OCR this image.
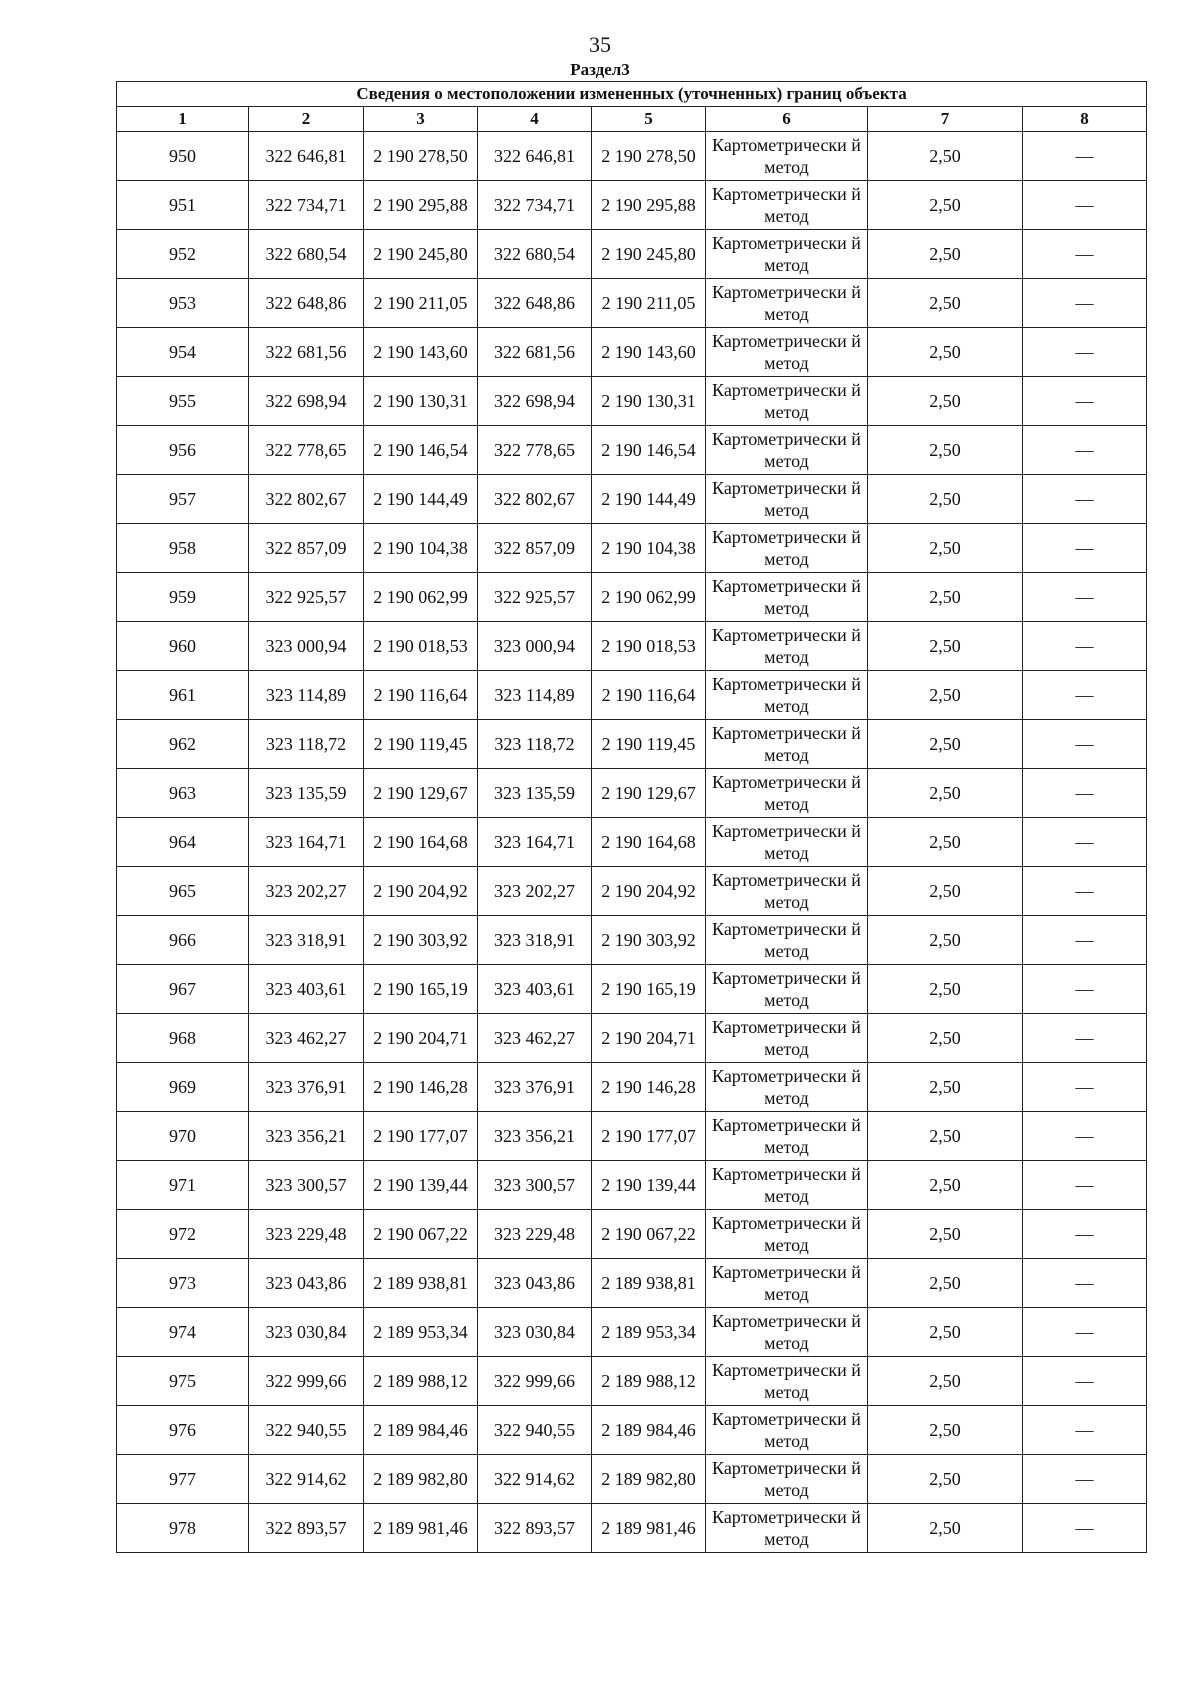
35
Раздел3
Сведения о местоположении измененных (уточненных) границ объекта							
1	2	3	4	5	6	7	8
950	322 646,81	2 190 278,50	322 646,81	2 190 278,50	Картометрически й метод	2,50	—
951	322 734,71	2 190 295,88	322 734,71	2 190 295,88	Картометрически й метод	2,50	—
952	322 680,54	2 190 245,80	322 680,54	2 190 245,80	Картометрически й метод	2,50	—
953	322 648,86	2 190 211,05	322 648,86	2 190 211,05	Картометрически й метод	2,50	—
954	322 681,56	2 190 143,60	322 681,56	2 190 143,60	Картометрически й метод	2,50	—
955	322 698,94	2 190 130,31	322 698,94	2 190 130,31	Картометрически й метод	2,50	—
956	322 778,65	2 190 146,54	322 778,65	2 190 146,54	Картометрически й метод	2,50	—
957	322 802,67	2 190 144,49	322 802,67	2 190 144,49	Картометрически й метод	2,50	—
958	322 857,09	2 190 104,38	322 857,09	2 190 104,38	Картометрически й метод	2,50	—
959	322 925,57	2 190 062,99	322 925,57	2 190 062,99	Картометрически й метод	2,50	—
960	323 000,94	2 190 018,53	323 000,94	2 190 018,53	Картометрически й метод	2,50	—
961	323 114,89	2 190 116,64	323 114,89	2 190 116,64	Картометрически й метод	2,50	—
962	323 118,72	2 190 119,45	323 118,72	2 190 119,45	Картометрически й метод	2,50	—
963	323 135,59	2 190 129,67	323 135,59	2 190 129,67	Картометрически й метод	2,50	—
964	323 164,71	2 190 164,68	323 164,71	2 190 164,68	Картометрически й метод	2,50	—
965	323 202,27	2 190 204,92	323 202,27	2 190 204,92	Картометрически й метод	2,50	—
966	323 318,91	2 190 303,92	323 318,91	2 190 303,92	Картометрически й метод	2,50	—
967	323 403,61	2 190 165,19	323 403,61	2 190 165,19	Картометрически й метод	2,50	—
968	323 462,27	2 190 204,71	323 462,27	2 190 204,71	Картометрически й метод	2,50	—
969	323 376,91	2 190 146,28	323 376,91	2 190 146,28	Картометрически й метод	2,50	—
970	323 356,21	2 190 177,07	323 356,21	2 190 177,07	Картометрически й метод	2,50	—
971	323 300,57	2 190 139,44	323 300,57	2 190 139,44	Картометрически й метод	2,50	—
972	323 229,48	2 190 067,22	323 229,48	2 190 067,22	Картометрически й метод	2,50	—
973	323 043,86	2 189 938,81	323 043,86	2 189 938,81	Картометрически й метод	2,50	—
974	323 030,84	2 189 953,34	323 030,84	2 189 953,34	Картометрически й метод	2,50	—
975	322 999,66	2 189 988,12	322 999,66	2 189 988,12	Картометрически й метод	2,50	—
976	322 940,55	2 189 984,46	322 940,55	2 189 984,46	Картометрически й метод	2,50	—
977	322 914,62	2 189 982,80	322 914,62	2 189 982,80	Картометрически й метод	2,50	—
978	322 893,57	2 189 981,46	322 893,57	2 189 981,46	Картометрически й метод	2,50	—
